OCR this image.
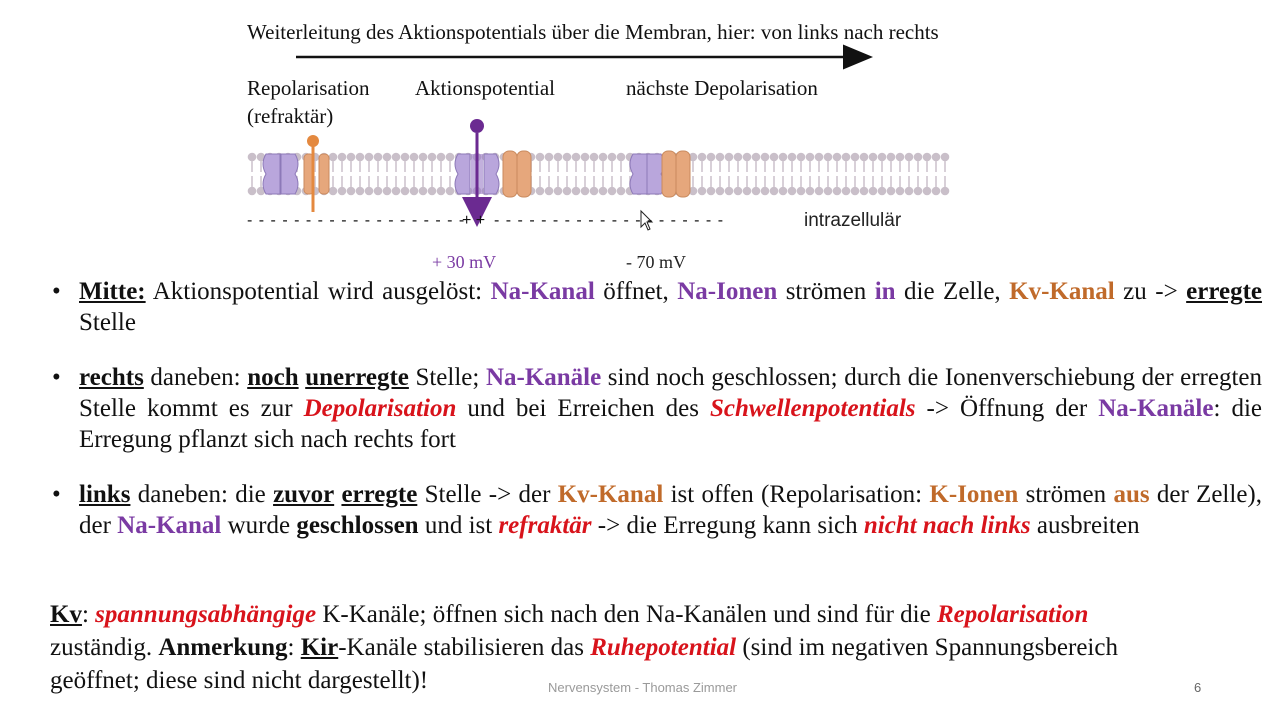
Weiterleitung des Aktionspotentials über die Membran, hier: von links nach rechts
Repolarisation
(refraktär)
Aktionspotential	nächste Depolarisation
- - - - - - - - - - - - - - - - - - -
+ + - - - - - - - - - - - - - - - - - - - -	intrazellulär
+ 30 mV	- 70 mV
• Mitte: Aktionspotential wird ausgelöst: Na-Kanal öffnet, Na-Ionen strömen in die Zelle, Kv-Kanal zu -> erregte Stelle
• rechts daneben: noch unerregte Stelle; Na-Kanäle sind noch geschlossen; durch die Ionenverschiebung der erregten Stelle kommt es zur Depolarisation und bei Erreichen des Schwellenpotentials -> Öffnung der Na-Kanäle: die Erregung pflanzt sich nach rechts fort
• links daneben: die zuvor erregte Stelle -> der Kv-Kanal ist offen (Repolarisation: K-Ionen strömen aus der Zelle), der Na-Kanal wurde geschlossen und ist refraktär -> die Erregung kann sich nicht nach links ausbreiten
Kv: spannungsabhängige K-Kanäle; öffnen sich nach den Na-Kanälen und sind für die Repolarisation zuständig. Anmerkung: Kir-Kanäle stabilisieren das Ruhepotential (sind im negativen Spannungsbereich geöffnet; diese sind nicht dargestellt)!	Nervensystem - Thomas Zimmer	6
